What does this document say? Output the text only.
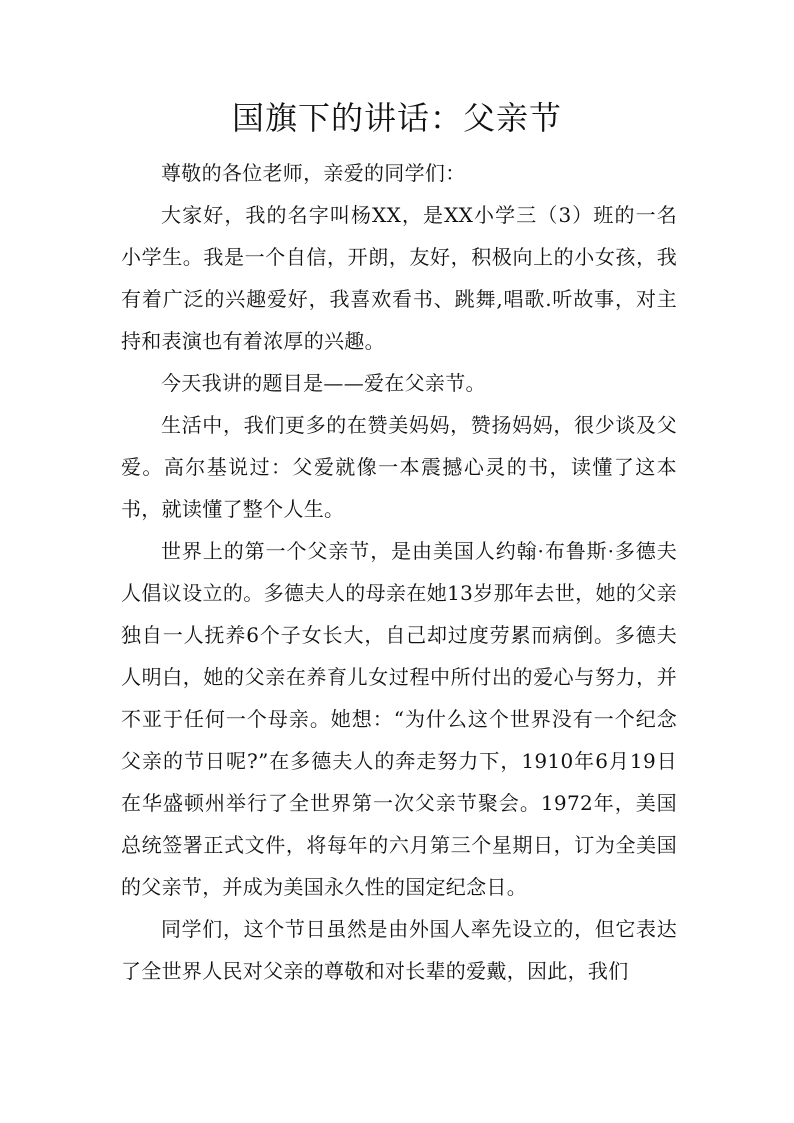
国旗下的讲话：父亲节

尊敬的各位老师，亲爱的同学们：

大家好，我的名字叫杨XX，是XX小学三（3）班的一名小学生。我是一个自信，开朗，友好，积极向上的小女孩，我有着广泛的兴趣爱好，我喜欢看书、跳舞,唱歌.听故事，对主持和表演也有着浓厚的兴趣。

今天我讲的题目是——爱在父亲节。

生活中，我们更多的在赞美妈妈，赞扬妈妈，很少谈及父爱。高尔基说过：父爱就像一本震撼心灵的书，读懂了这本书，就读懂了整个人生。

世界上的第一个父亲节，是由美国人约翰·布鲁斯·多德夫人倡议设立的。多德夫人的母亲在她13岁那年去世，她的父亲独自一人抚养6个子女长大，自己却过度劳累而病倒。多德夫人明白，她的父亲在养育儿女过程中所付出的爱心与努力，并不亚于任何一个母亲。她想：“为什么这个世界没有一个纪念父亲的节日呢?”在多德夫人的奔走努力下，1910年6月19日在华盛顿州举行了全世界第一次父亲节聚会。1972年，美国总统签署正式文件，将每年的六月第三个星期日，订为全美国的父亲节，并成为美国永久性的国定纪念日。

同学们，这个节日虽然是由外国人率先设立的，但它表达了全世界人民对父亲的尊敬和对长辈的爱戴，因此，我们
